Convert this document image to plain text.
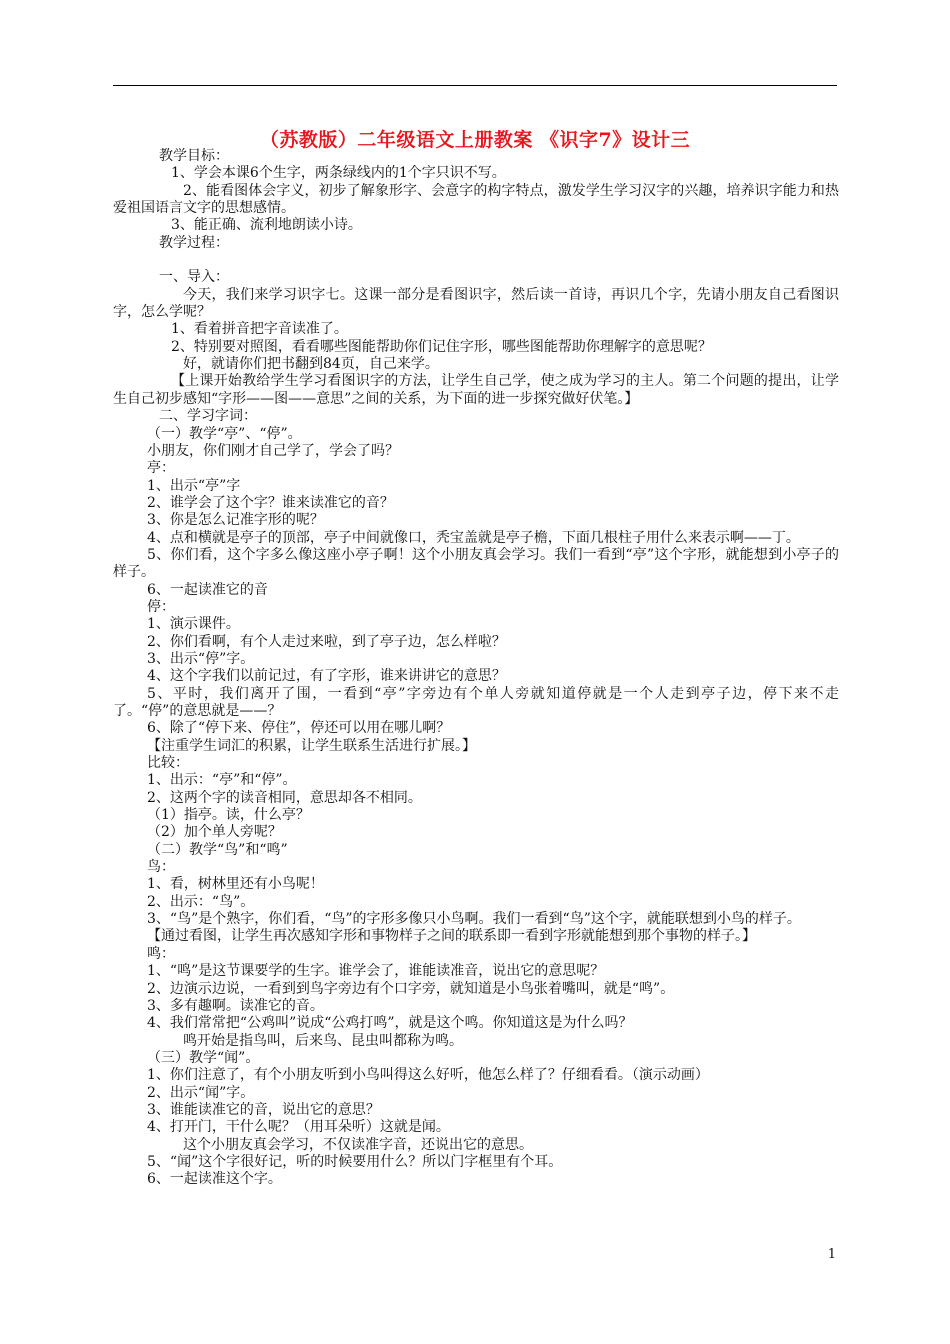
（苏教版）二年级语文上册教案 《识字7》设计三
教学目标：
1、学会本课6个生字，两条绿线内的1个字只识不写。
2、能看图体会字义，初步了解象形字、会意字的构字特点，激发学生学习汉字的兴趣，培养识字能力和热爱祖国语言文字的思想感情。
3、能正确、流利地朗读小诗。
教学过程：

一、导入：
今天，我们来学习识字七。这课一部分是看图识字，然后读一首诗，再识几个字，先请小朋友自己看图识字，怎么学呢？
1、看着拼音把字音读准了。
2、特别要对照图，看看哪些图能帮助你们记住字形，哪些图能帮助你理解字的意思呢？
好，就请你们把书翻到84页，自己来学。
【上课开始教给学生学习看图识字的方法，让学生自己学，使之成为学习的主人。第二个问题的提出，让学生自己初步感知“字形——图——意思”之间的关系，为下面的进一步探究做好伏笔。】
二、学习字词：
（一）教学“亭”、“停”。
小朋友，你们刚才自己学了，学会了吗？
亭：
1、出示“亭”字
2、谁学会了这个字？谁来读准它的音？
3、你是怎么记准字形的呢？
4、点和横就是亭子的顶部，亭子中间就像口，秃宝盖就是亭子檐，下面几根柱子用什么来表示啊——丁。
5、你们看，这个字多么像这座小亭子啊！这个小朋友真会学习。我们一看到“亭”这个字形，就能想到小亭子的样子。
6、一起读准它的音
停：
1、演示课件。
2、你们看啊，有个人走过来啦，到了亭子边，怎么样啦？
3、出示“停”字。
4、这个字我们以前记过，有了字形，谁来讲讲它的意思？
5、平时，我们离开了围，一看到“亭”字旁边有个单人旁就知道停就是一个人走到亭子边，停下来不走了。“停”的意思就是——？
6、除了“停下来、停住”，停还可以用在哪儿啊？
【注重学生词汇的积累，让学生联系生活进行扩展。】
比较：
1、出示：“亭”和“停”。
2、这两个字的读音相同，意思却各不相同。
（1）指亭。读，什么亭？
（2）加个单人旁呢？
（二）教学“鸟”和“鸣”
鸟：
1、看，树林里还有小鸟呢！
2、出示：“鸟”。
3、“鸟”是个熟字，你们看，“鸟”的字形多像只小鸟啊。我们一看到“鸟”这个字，就能联想到小鸟的样子。
【通过看图，让学生再次感知字形和事物样子之间的联系即一看到字形就能想到那个事物的样子。】
鸣：
1、“鸣”是这节课要学的生字。谁学会了，谁能读准音，说出它的意思呢？
2、边演示边说，一看到到鸟字旁边有个口字旁，就知道是小鸟张着嘴叫，就是“鸣”。
3、多有趣啊。读准它的音。
4、我们常常把“公鸡叫”说成“公鸡打鸣”，就是这个鸣。你知道这是为什么吗？
鸣开始是指鸟叫，后来鸟、昆虫叫都称为鸣。
（三）教学“闻”。
1、你们注意了，有个小朋友听到小鸟叫得这么好听，他怎么样了？仔细看看。（演示动画）
2、出示“闻”字。
3、谁能读准它的音，说出它的意思？
4、打开门，干什么呢？（用耳朵听）这就是闻。
这个小朋友真会学习，不仅读准字音，还说出它的意思。
5、“闻”这个字很好记，听的时候要用什么？所以门字框里有个耳。
6、一起读准这个字。
1
